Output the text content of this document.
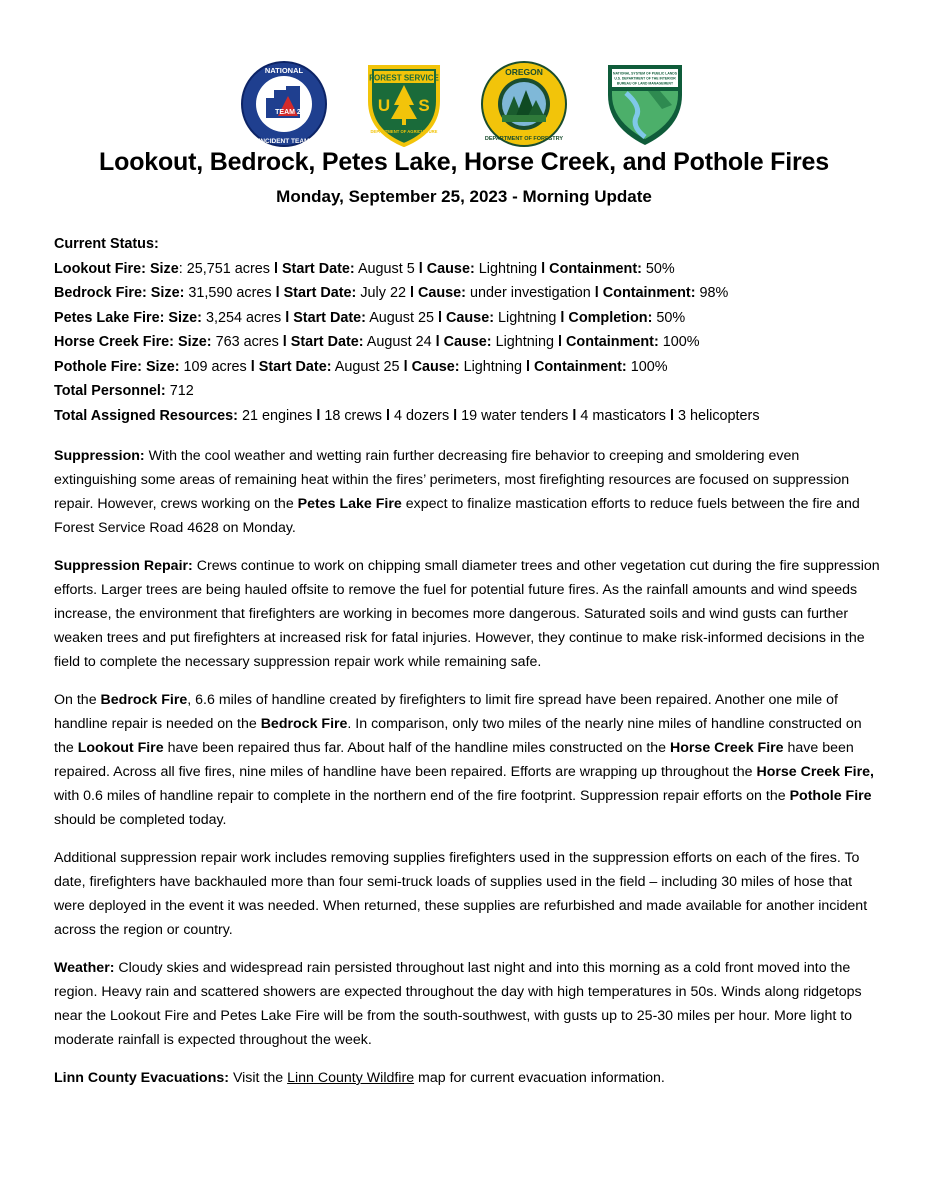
TEAM 2
NATIONAL
INCIDENT TEAM
FOREST SERVICE
U S
DEPARTMENT OF AGRICULTURE
OREGON
DEPARTMENT OF FORESTRY
NATIONAL SYSTEM OF PUBLIC LANDS
U.S. DEPARTMENT OF THE INTERIOR
BUREAU OF LAND MANAGEMENT
Lookout, Bedrock, Petes Lake, Horse Creek, and Pothole Fires
Monday, September 25, 2023 - Morning Update
Current Status:
Lookout Fire: Size: 25,751 acres l Start Date: August 5 l Cause: Lightning l Containment: 50%
Bedrock Fire: Size: 31,590 acres l Start Date: July 22 l Cause: under investigation l Containment: 98%
Petes Lake Fire: Size: 3,254 acres l Start Date: August 25 l Cause: Lightning l Completion: 50%
Horse Creek Fire: Size: 763 acres l Start Date: August 24 l Cause: Lightning l Containment: 100%
Pothole Fire: Size: 109 acres l Start Date: August 25 l Cause: Lightning l Containment: 100%
Total Personnel: 712
Total Assigned Resources: 21 engines l 18 crews l 4 dozers l 19 water tenders l 4 masticators l 3 helicopters

Suppression: With the cool weather and wetting rain further decreasing fire behavior to creeping and smoldering even extinguishing some areas of remaining heat within the fires’ perimeters, most firefighting resources are focused on suppression repair. However, crews working on the Petes Lake Fire expect to finalize mastication efforts to reduce fuels between the fire and Forest Service Road 4628 on Monday.

Suppression Repair: Crews continue to work on chipping small diameter trees and other vegetation cut during the fire suppression efforts. Larger trees are being hauled offsite to remove the fuel for potential future fires. As the rainfall amounts and wind speeds increase, the environment that firefighters are working in becomes more dangerous. Saturated soils and wind gusts can further weaken trees and put firefighters at increased risk for fatal injuries. However, they continue to make risk-informed decisions in the field to complete the necessary suppression repair work while remaining safe.

On the Bedrock Fire, 6.6 miles of handline created by firefighters to limit fire spread have been repaired. Another one mile of handline repair is needed on the Bedrock Fire. In comparison, only two miles of the nearly nine miles of handline constructed on the Lookout Fire have been repaired thus far. About half of the handline miles constructed on the Horse Creek Fire have been repaired. Across all five fires, nine miles of handline have been repaired. Efforts are wrapping up throughout the Horse Creek Fire, with 0.6 miles of handline repair to complete in the northern end of the fire footprint. Suppression repair efforts on the Pothole Fire should be completed today.

Additional suppression repair work includes removing supplies firefighters used in the suppression efforts on each of the fires. To date, firefighters have backhauled more than four semi-truck loads of supplies used in the field – including 30 miles of hose that were deployed in the event it was needed. When returned, these supplies are refurbished and made available for another incident across the region or country.

Weather: Cloudy skies and widespread rain persisted throughout last night and into this morning as a cold front moved into the region. Heavy rain and scattered showers are expected throughout the day with high temperatures in 50s. Winds along ridgetops near the Lookout Fire and Petes Lake Fire will be from the south-southwest, with gusts up to 25-30 miles per hour. More light to moderate rainfall is expected throughout the week.

Linn County Evacuations: Visit the Linn County Wildfire map for current evacuation information.
